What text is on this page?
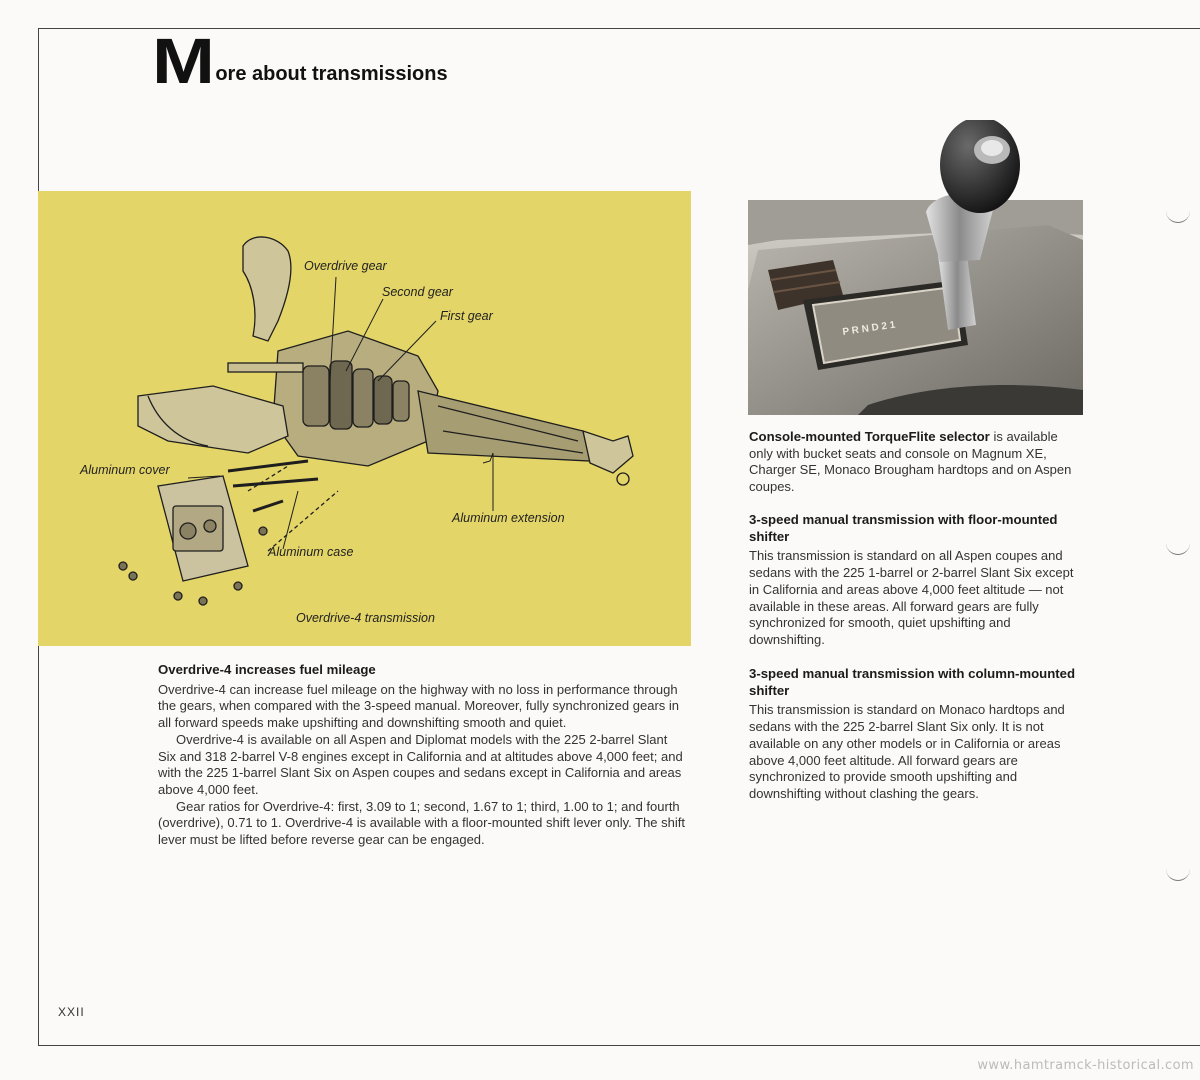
M ore about transmissions
Overdrive gear
Second gear
First gear
Aluminum cover
Aluminum extension
Aluminum case
Overdrive-4 transmission
P R N D 2 1

Overdrive-4 increases fuel mileage

Overdrive-4 can increase fuel mileage on the highway with no loss in performance through the gears, when compared with the 3-speed manual. Moreover, fully synchronized gears in all forward speeds make upshifting and downshifting smooth and quiet.

Overdrive-4 is available on all Aspen and Diplomat models with the 225 2-barrel Slant Six and 318 2-barrel V-8 engines except in California and at altitudes above 4,000 feet; and with the 225 1-barrel Slant Six on Aspen coupes and sedans except in California and areas above 4,000 feet.

Gear ratios for Overdrive-4: first, 3.09 to 1; second, 1.67 to 1; third, 1.00 to 1; and fourth (overdrive), 0.71 to 1. Overdrive-4 is available with a floor-mounted shift lever only. The shift lever must be lifted before reverse gear can be engaged.

Console-mounted TorqueFlite selector is available only with bucket seats and console on Magnum XE, Charger SE, Monaco Brougham hardtops and on Aspen coupes.

3-speed manual transmission with floor-mounted shifter

This transmission is standard on all Aspen coupes and sedans with the 225 1-barrel or 2-barrel Slant Six except in California and areas above 4,000 feet altitude — not available in these areas. All forward gears are fully synchronized for smooth, quiet upshifting and downshifting.

3-speed manual transmission with column-mounted shifter

This transmission is standard on Monaco hardtops and sedans with the 225 2-barrel Slant Six only. It is not available on any other models or in California or areas above 4,000 feet altitude. All forward gears are synchronized to provide smooth upshifting and downshifting without clashing the gears.

XXII
www.hamtramck-historical.com
